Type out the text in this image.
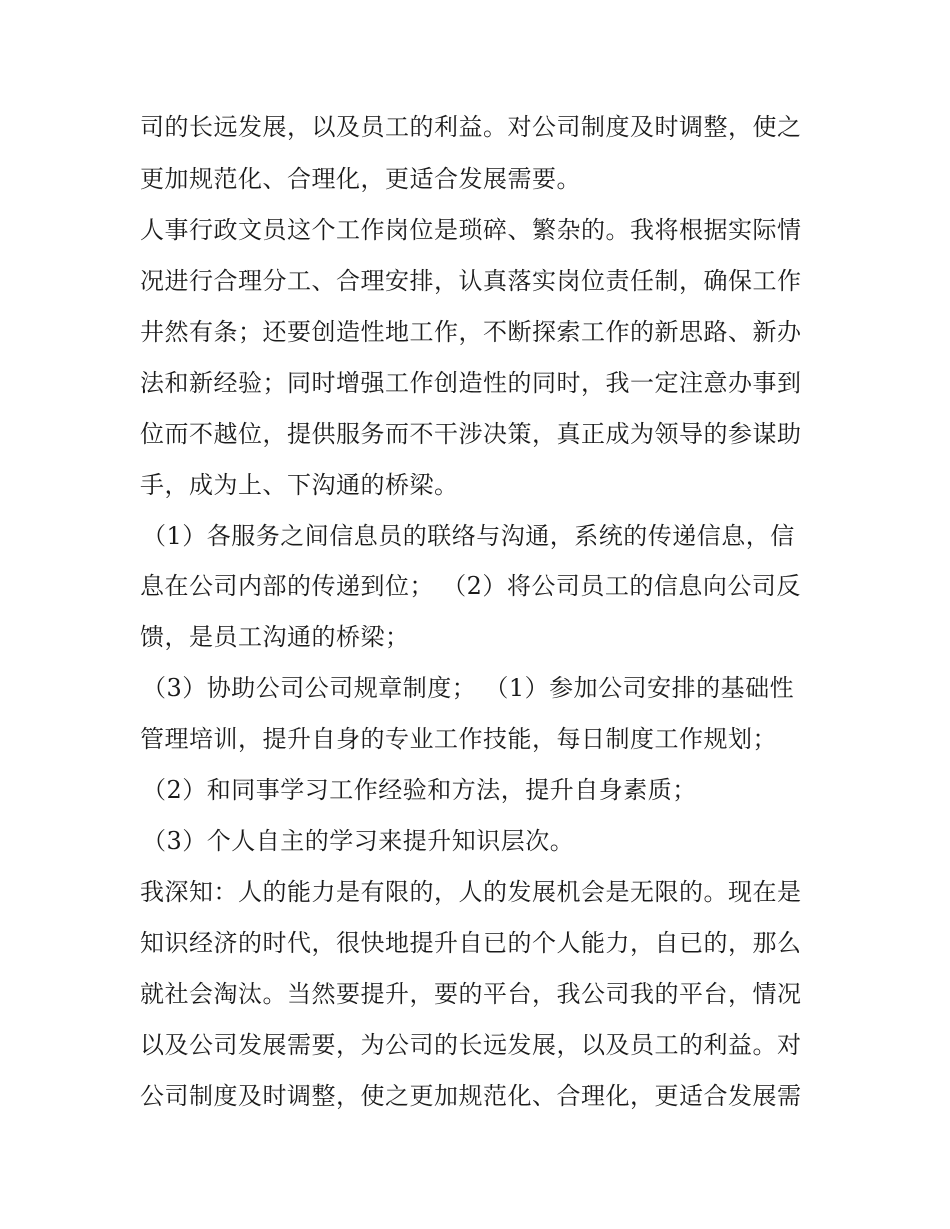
司的长远发展，以及员工的利益。对公司制度及时调整，使之
更加规范化、合理化，更适合发展需要。
人事行政文员这个工作岗位是琐碎、繁杂的。我将根据实际情
况进行合理分工、合理安排，认真落实岗位责任制，确保工作
井然有条；还要创造性地工作，不断探索工作的新思路、新办
法和新经验；同时增强工作创造性的同时，我一定注意办事到
位而不越位，提供服务而不干涉决策，真正成为领导的参谋助
手，成为上、下沟通的桥梁。
（1）各服务之间信息员的联络与沟通，系统的传递信息，信
息在公司内部的传递到位； （2）将公司员工的信息向公司反
馈，是员工沟通的桥梁；
（3）协助公司公司规章制度； （1）参加公司安排的基础性
管理培训，提升自身的专业工作技能，每日制度工作规划；
（2）和同事学习工作经验和方法，提升自身素质；
（3）个人自主的学习来提升知识层次。
我深知：人的能力是有限的，人的发展机会是无限的。现在是
知识经济的时代，很快地提升自已的个人能力，自已的，那么
就社会淘汰。当然要提升，要的平台，我公司我的平台，情况
以及公司发展需要，为公司的长远发展，以及员工的利益。对
公司制度及时调整，使之更加规范化、合理化，更适合发展需
